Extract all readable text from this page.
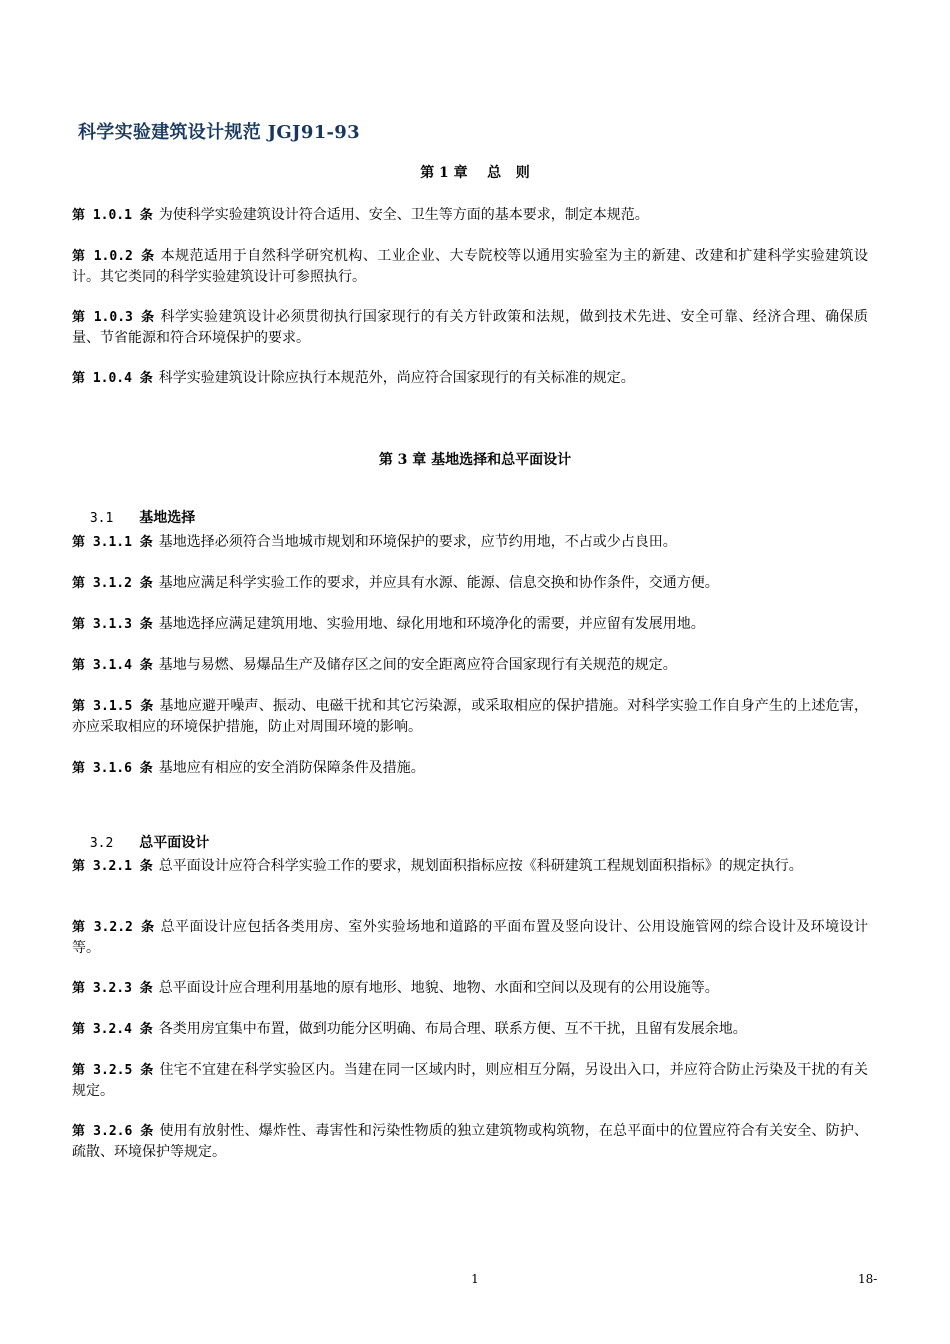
科学实验建筑设计规范 JGJ91-93
第 1 章    总   则
第 1.0.1 条 为使科学实验建筑设计符合适用、安全、卫生等方面的基本要求，制定本规范。
第 1.0.2 条 本规范适用于自然科学研究机构、工业企业、大专院校等以通用实验室为主的新建、改建和扩建科学实验建筑设计。其它类同的科学实验建筑设计可参照执行。
第 1.0.3 条 科学实验建筑设计必须贯彻执行国家现行的有关方针政策和法规，做到技术先进、安全可靠、经济合理、确保质量、节省能源和符合环境保护的要求。
第 1.0.4 条 科学实验建筑设计除应执行本规范外，尚应符合国家现行的有关标准的规定。
第 3 章 基地选择和总平面设计

3.1 基地选择

第 3.1.1 条 基地选择必须符合当地城市规划和环境保护的要求，应节约用地，不占或少占良田。
第 3.1.2 条 基地应满足科学实验工作的要求，并应具有水源、能源、信息交换和协作条件，交通方便。
第 3.1.3 条 基地选择应满足建筑用地、实验用地、绿化用地和环境净化的需要，并应留有发展用地。
第 3.1.4 条 基地与易燃、易爆品生产及储存区之间的安全距离应符合国家现行有关规范的规定。
第 3.1.5 条 基地应避开噪声、振动、电磁干扰和其它污染源，或采取相应的保护措施。对科学实验工作自身产生的上述危害，亦应采取相应的环境保护措施，防止对周围环境的影响。
第 3.1.6 条 基地应有相应的安全消防保障条件及措施。

3.2 总平面设计

第 3.2.1 条 总平面设计应符合科学实验工作的要求，规划面积指标应按《科研建筑工程规划面积指标》的规定执行。
第 3.2.2 条 总平面设计应包括各类用房、室外实验场地和道路的平面布置及竖向设计、公用设施管网的综合设计及环境设计等。
第 3.2.3 条 总平面设计应合理利用基地的原有地形、地貌、地物、水面和空间以及现有的公用设施等。
第 3.2.4 条 各类用房宜集中布置，做到功能分区明确、布局合理、联系方便、互不干扰，且留有发展余地。
第 3.2.5 条 住宅不宜建在科学实验区内。当建在同一区域内时，则应相互分隔，另设出入口，并应符合防止污染及干扰的有关规定。
第 3.2.6 条 使用有放射性、爆炸性、毒害性和污染性物质的独立建筑物或构筑物，在总平面中的位置应符合有关安全、防护、疏散、环境保护等规定。
1	18-
